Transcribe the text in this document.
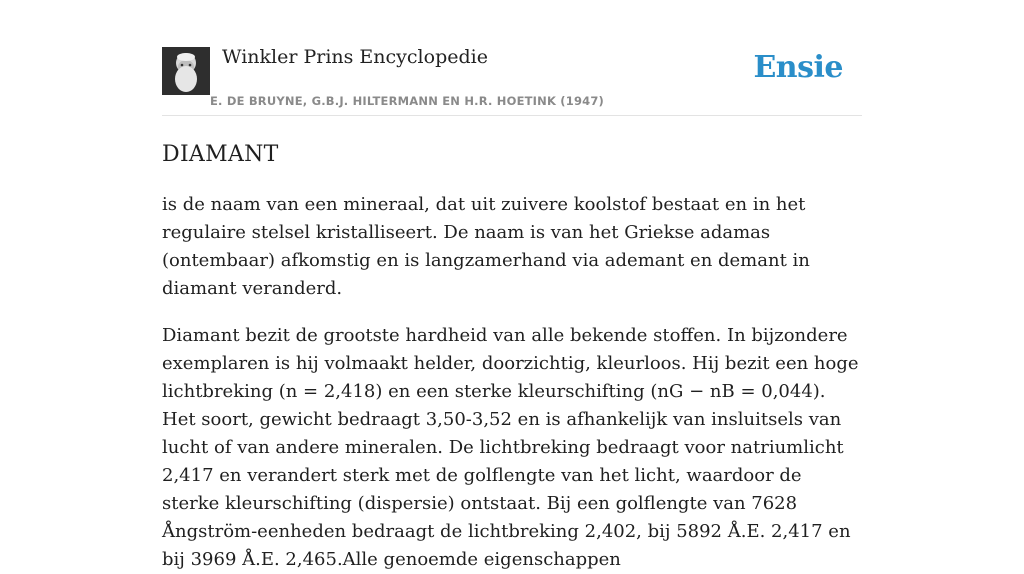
Winkler Prins Encyclopedie
E. DE BRUYNE, G.B.J. HILTERMANN EN H.R. HOETINK (1947)
Ensie
DIAMANT

is de naam van een mineraal, dat uit zuivere koolstof bestaat en in het regulaire stelsel kristalliseert. De naam is van het Griekse adamas (ontembaar) afkomstig en is langzamerhand via ademant en demant in diamant veranderd.

Diamant bezit de grootste hardheid van alle bekende stoffen. In bijzondere exemplaren is hij volmaakt helder, doorzichtig, kleurloos. Hij bezit een hoge lichtbreking (n = 2,418) en een sterke kleurschifting (nG − nB = 0,044). Het soort, gewicht bedraagt 3,50-3,52 en is afhankelijk van insluitsels van lucht of van andere mineralen. De lichtbreking bedraagt voor natriumlicht 2,417 en verandert sterk met de golflengte van het licht, waardoor de sterke kleurschifting (dispersie) ontstaat. Bij een golflengte van 7628 Ångström-eenheden bedraagt de lichtbreking 2,402, bij 5892 Å.E. 2,417 en bij 3969 Å.E. 2,465.Alle genoemde eigenschappen
